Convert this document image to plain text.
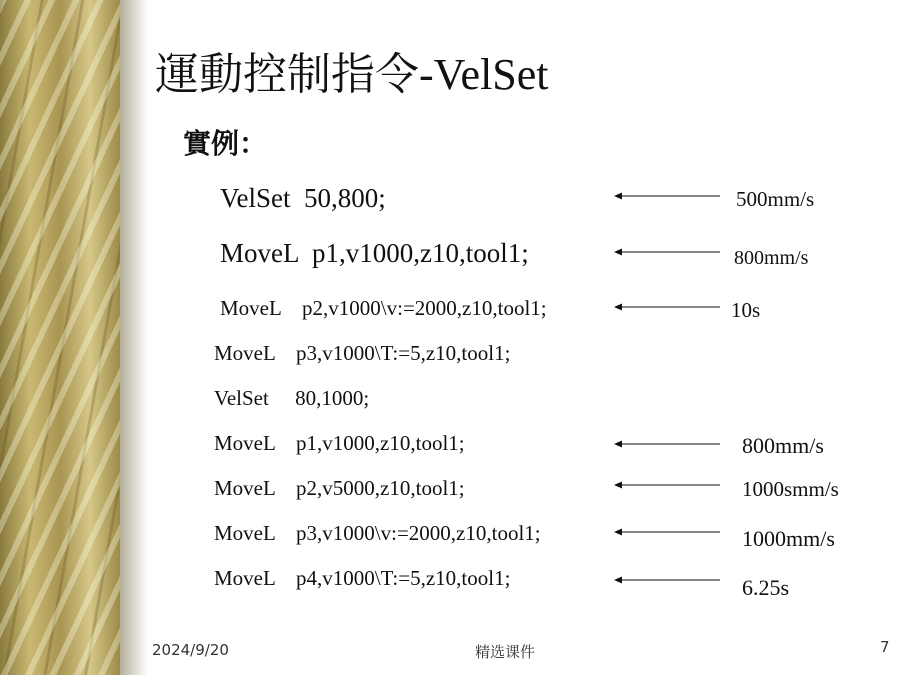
運動控制指令-VelSet
實例：
VelSet  50,800;
MoveL  p1,v1000,z10,tool1;
MoveL    p2,v1000\v:=2000,z10,tool1;
MoveL    p3,v1000\T:=5,z10,tool1;
VelSet     80,1000;
MoveL    p1,v1000,z10,tool1;
MoveL    p2,v5000,z10,tool1;
MoveL    p3,v1000\v:=2000,z10,tool1;
MoveL    p4,v1000\T:=5,z10,tool1;
500mm/s
800mm/s
10s
800mm/s
1000smm/s
1000mm/s
6.25s
2024/9/20	精选课件	7
